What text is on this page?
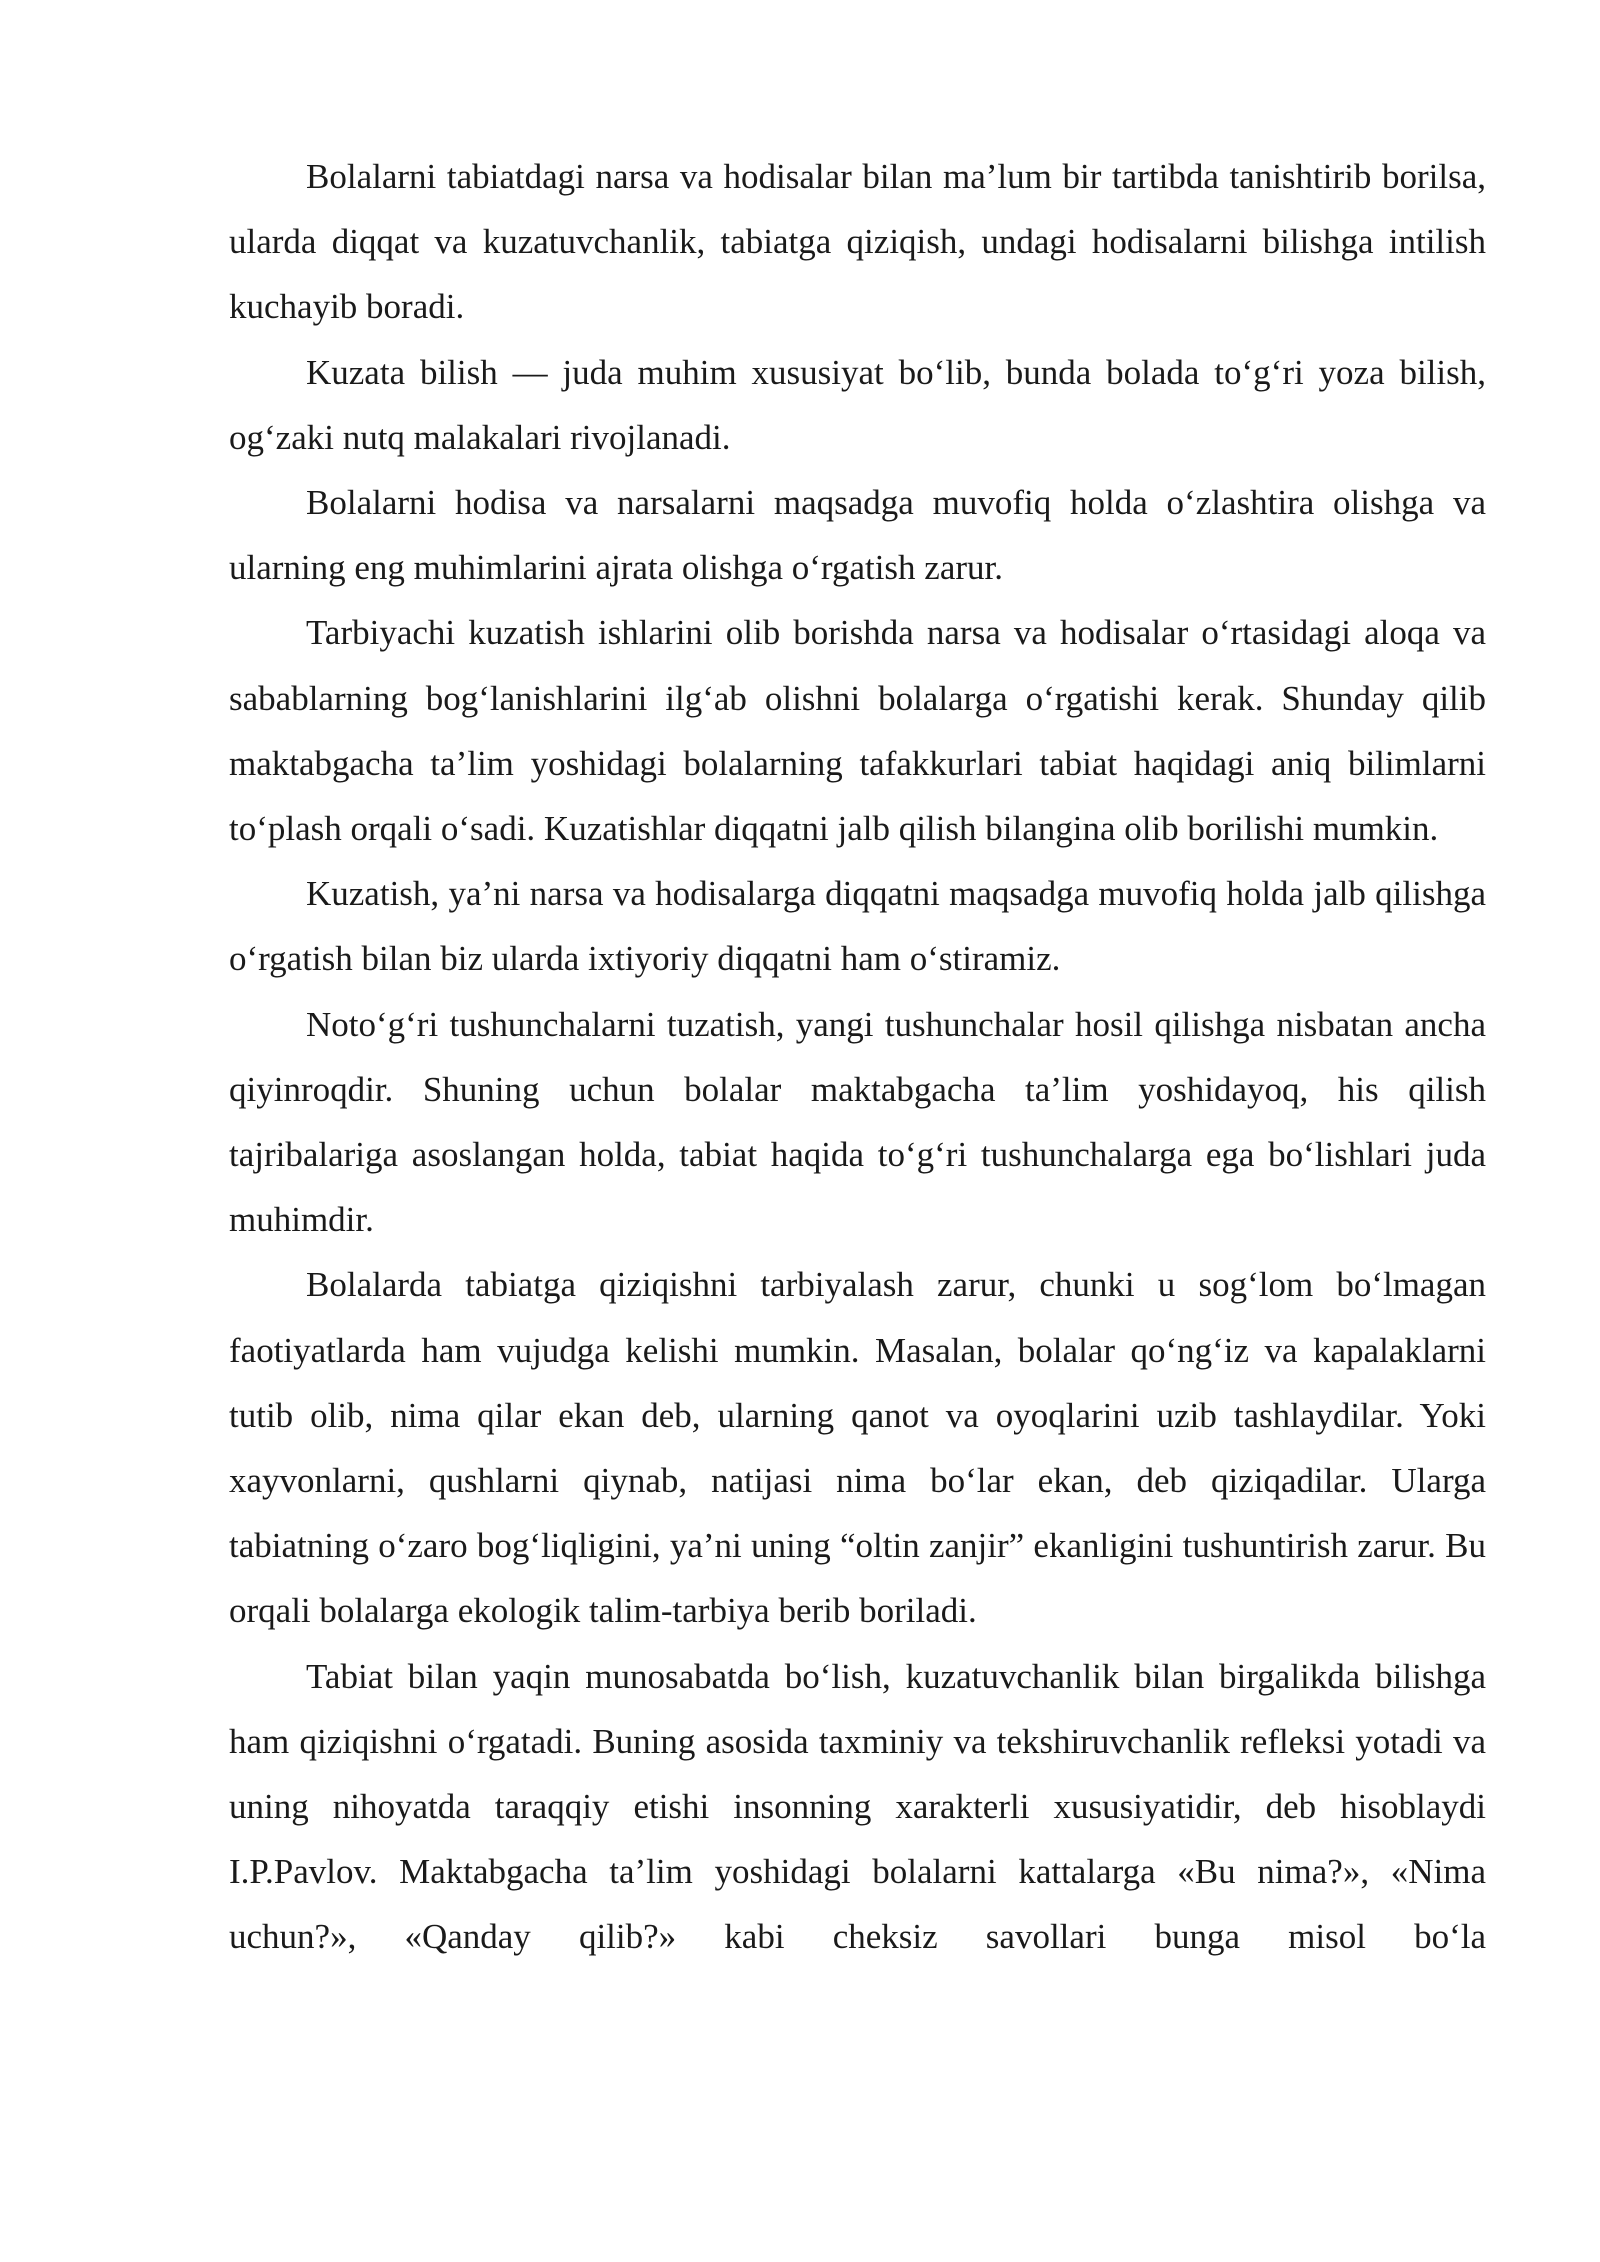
Bolalarni tabiatdagi narsa va hodisalar bilan ma’lum bir tartibda tanishtirib borilsa, ularda diqqat va kuzatuvchanlik, tabiatga qiziqish, undagi hodisalarni bilishga intilish kuchayib boradi.

Kuzata bilish — juda muhim xususiyat bo‘lib, bunda bolada to‘g‘ri yoza bilish, og‘zaki nutq malakalari rivojlanadi.

Bolalarni hodisa va narsalarni maqsadga muvofiq holda o‘zlashtira olishga va ularning eng muhimlarini ajrata olishga o‘rgatish zarur.

Tarbiyachi kuzatish ishlarini olib borishda narsa va hodisalar o‘rtasidagi aloqa va sabablarning bog‘lanishlarini ilg‘ab olishni bolalarga o‘rgatishi kerak. Shunday qilib maktabgacha ta’lim yoshidagi bolalarning tafakkurlari tabiat haqidagi aniq bilimlarni to‘plash orqali o‘sadi. Kuzatishlar diqqatni jalb qilish bilangina olib borilishi mumkin.

Kuzatish, ya’ni narsa va hodisalarga diqqatni maqsadga muvofiq holda jalb qilishga o‘rgatish bilan biz ularda ixtiyoriy diqqatni ham o‘stiramiz.

Noto‘g‘ri tushunchalarni tuzatish, yangi tushunchalar hosil qilishga nisbatan ancha qiyinroqdir. Shuning uchun bolalar maktabgacha ta’lim yoshidayoq, his qilish tajribalariga asoslangan holda, tabiat haqida to‘g‘ri tushunchalarga ega bo‘lishlari juda muhimdir.

Bolalarda tabiatga qiziqishni tarbiyalash zarur, chunki u sog‘lom bo‘lmagan faotiyatlarda ham vujudga kelishi mumkin. Masalan, bolalar qo‘ng‘iz va kapalaklarni tutib olib, nima qilar ekan deb, ularning qanot va oyoqlarini uzib tashlaydilar. Yoki xayvonlarni, qushlarni qiynab, natijasi nima bo‘lar ekan, deb qiziqadilar. Ularga tabiatning o‘zaro bog‘liqligini, ya’ni uning “oltin zanjir” ekanligini tushuntirish zarur. Bu orqali bolalarga ekologik talim-tarbiya berib boriladi.

Tabiat bilan yaqin munosabatda bo‘lish, kuzatuvchanlik bilan birgalikda bilishga ham qiziqishni o‘rgatadi. Buning asosida taxminiy va tekshiruvchanlik refleksi yotadi va uning nihoyatda taraqqiy etishi insonning xarakterli xususiyatidir, deb hisoblaydi I.P.Pavlov. Maktabgacha ta’lim yoshidagi bolalarni kattalarga «Bu nima?», «Nima uchun?», «Qanday qilib?» kabi cheksiz savollari bunga misol bo‘la
